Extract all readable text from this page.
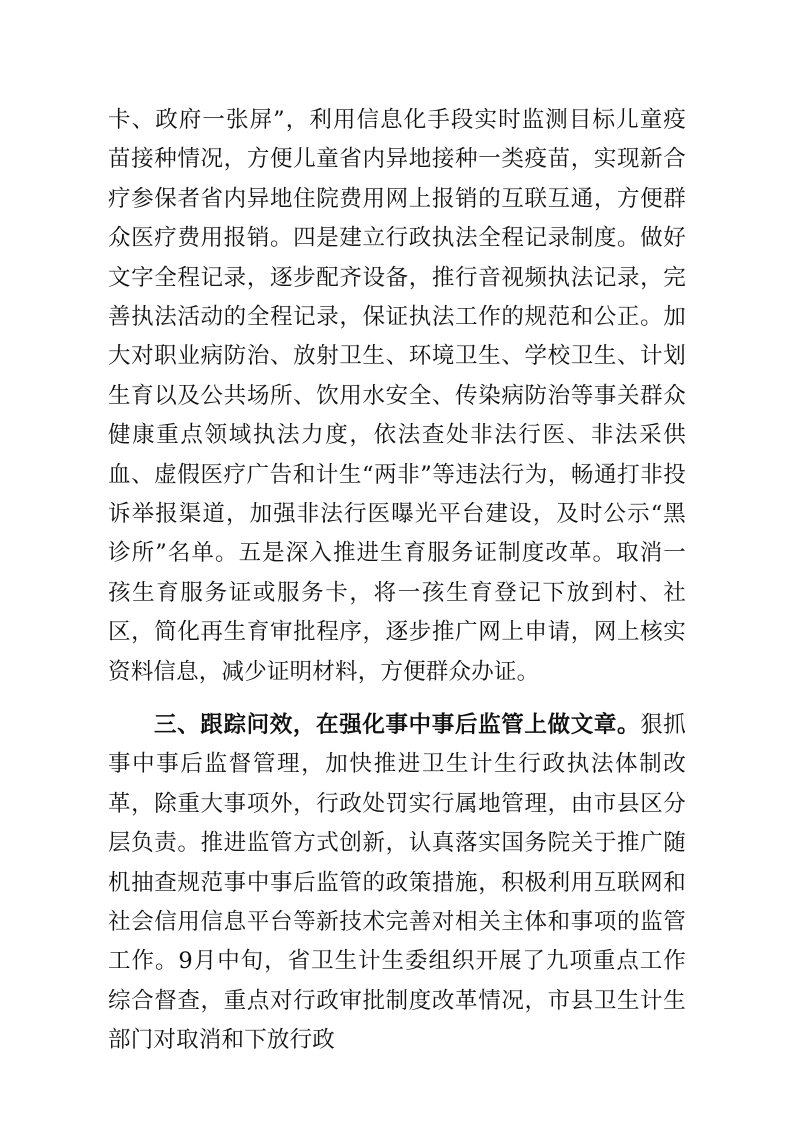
卡、政府一张屏”，利用信息化手段实时监测目标儿童疫苗接种情况，方便儿童省内异地接种一类疫苗，实现新合疗参保者省内异地住院费用网上报销的互联互通，方便群众医疗费用报销。四是建立行政执法全程记录制度。做好文字全程记录，逐步配齐设备，推行音视频执法记录，完善执法活动的全程记录，保证执法工作的规范和公正。加大对职业病防治、放射卫生、环境卫生、学校卫生、计划生育以及公共场所、饮用水安全、传染病防治等事关群众健康重点领域执法力度，依法查处非法行医、非法采供血、虚假医疗广告和计生“两非”等违法行为，畅通打非投诉举报渠道，加强非法行医曝光平台建设，及时公示“黑诊所”名单。五是深入推进生育服务证制度改革。取消一孩生育服务证或服务卡，将一孩生育登记下放到村、社区，简化再生育审批程序，逐步推广网上申请，网上核实资料信息，减少证明材料，方便群众办证。

三、跟踪问效，在强化事中事后监管上做文章。狠抓事中事后监督管理，加快推进卫生计生行政执法体制改革，除重大事项外，行政处罚实行属地管理，由市县区分层负责。推进监管方式创新，认真落实国务院关于推广随机抽查规范事中事后监管的政策措施，积极利用互联网和社会信用信息平台等新技术完善对相关主体和事项的监管工作。9月中旬，省卫生计生委组织开展了九项重点工作综合督查，重点对行政审批制度改革情况，市县卫生计生部门对取消和下放行政
